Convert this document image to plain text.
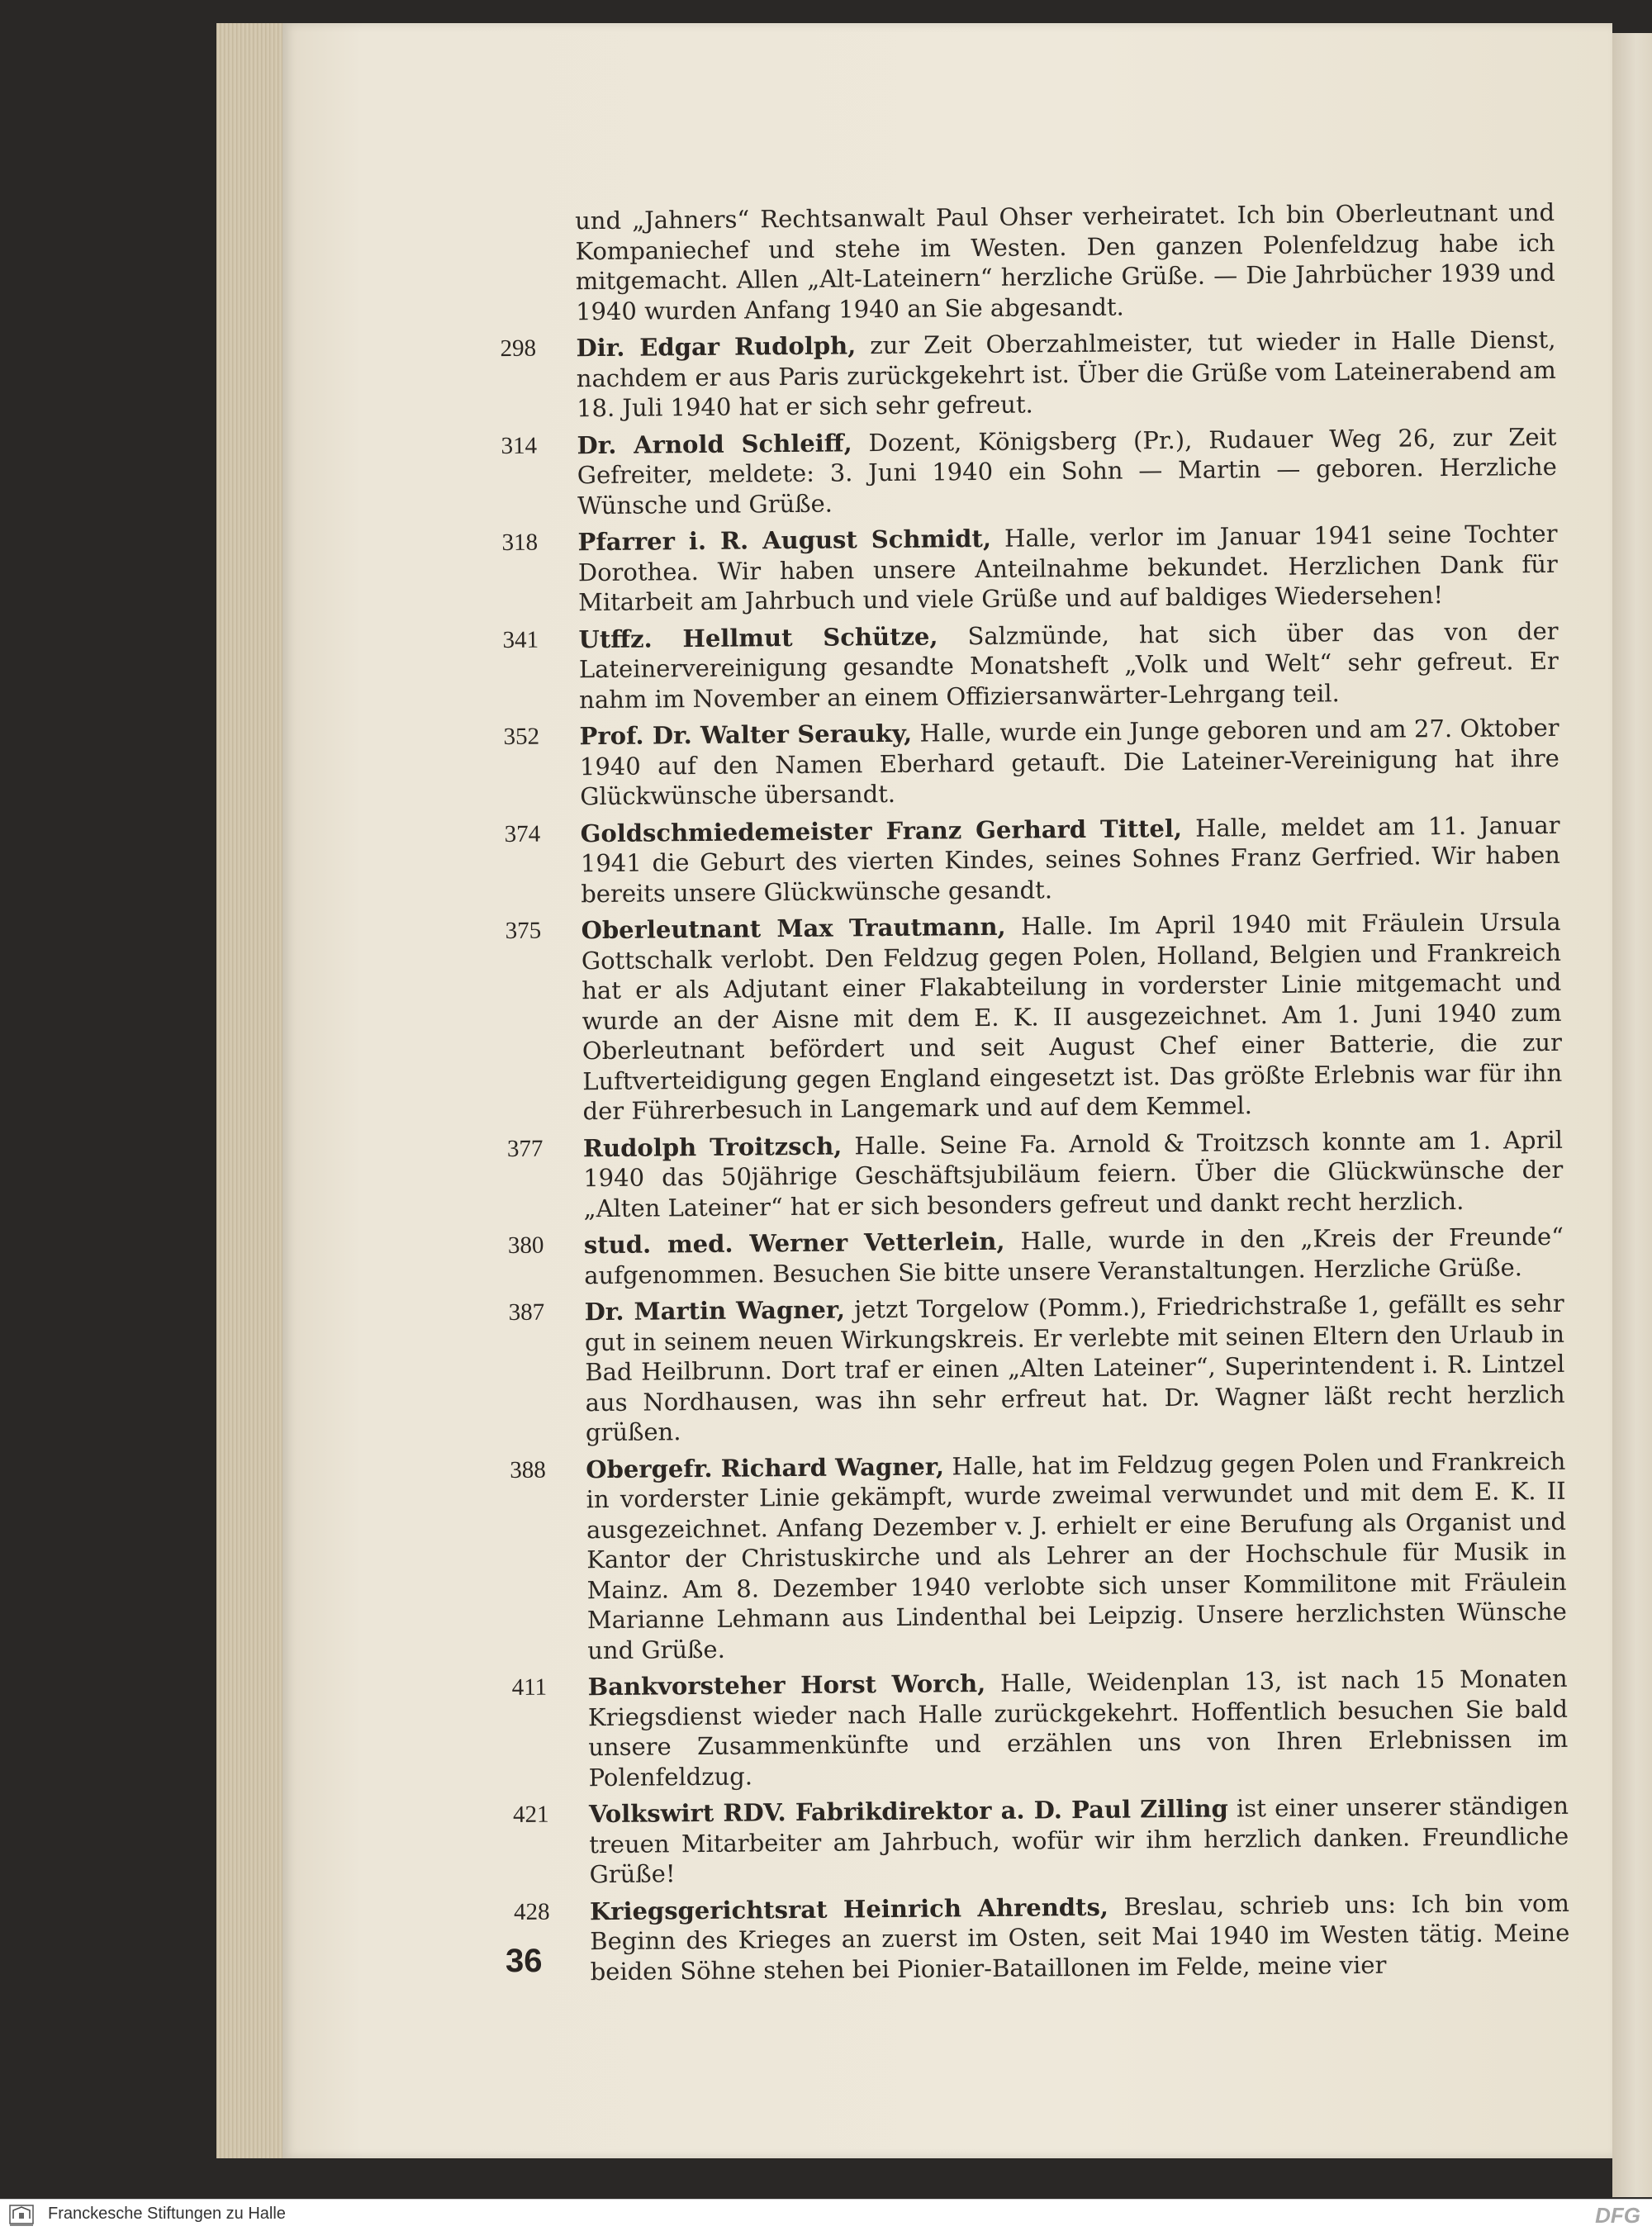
und „Jahners“ Rechtsanwalt Paul Ohser verheiratet. Ich bin Oberleutnant und Kompaniechef und stehe im Westen. Den ganzen Polenfeldzug habe ich mitgemacht. Allen „Alt-Lateinern“ herzliche Grüße. — Die Jahrbücher 1939 und 1940 wurden Anfang 1940 an Sie abgesandt.

298	Dir. Edgar Rudolph, zur Zeit Oberzahlmeister, tut wieder in Halle Dienst, nachdem er aus Paris zurückgekehrt ist. Über die Grüße vom Lateinerabend am 18. Juli 1940 hat er sich sehr gefreut.

314	Dr. Arnold Schleiff, Dozent, Königsberg (Pr.), Rudauer Weg 26, zur Zeit Gefreiter, meldete: 3. Juni 1940 ein Sohn — Martin — geboren. Herzliche Wünsche und Grüße.

318	Pfarrer i. R. August Schmidt, Halle, verlor im Januar 1941 seine Tochter Dorothea. Wir haben unsere Anteilnahme bekundet. Herzlichen Dank für Mitarbeit am Jahrbuch und viele Grüße und auf baldiges Wiedersehen!

341	Utffz. Hellmut Schütze, Salzmünde, hat sich über das von der Lateinervereinigung gesandte Monatsheft „Volk und Welt“ sehr gefreut. Er nahm im November an einem Offiziersanwärter-Lehrgang teil.

352	Prof. Dr. Walter Serauky, Halle, wurde ein Junge geboren und am 27. Oktober 1940 auf den Namen Eberhard getauft. Die Lateiner-Vereinigung hat ihre Glückwünsche übersandt.

374	Goldschmiedemeister Franz Gerhard Tittel, Halle, meldet am 11. Januar 1941 die Geburt des vierten Kindes, seines Sohnes Franz Gerfried. Wir haben bereits unsere Glückwünsche gesandt.

375	Oberleutnant Max Trautmann, Halle. Im April 1940 mit Fräulein Ursula Gottschalk verlobt. Den Feldzug gegen Polen, Holland, Belgien und Frankreich hat er als Adjutant einer Flakabteilung in vorderster Linie mitgemacht und wurde an der Aisne mit dem E. K. II ausgezeichnet. Am 1. Juni 1940 zum Oberleutnant befördert und seit August Chef einer Batterie, die zur Luftverteidigung gegen England eingesetzt ist. Das größte Erlebnis war für ihn der Führerbesuch in Langemark und auf dem Kemmel.

377	Rudolph Troitzsch, Halle. Seine Fa. Arnold & Troitzsch konnte am 1. April 1940 das 50jährige Geschäftsjubiläum feiern. Über die Glückwünsche der „Alten Lateiner“ hat er sich besonders gefreut und dankt recht herzlich.

380	stud. med. Werner Vetterlein, Halle, wurde in den „Kreis der Freunde“ aufgenommen. Besuchen Sie bitte unsere Veranstaltungen. Herzliche Grüße.

387	Dr. Martin Wagner, jetzt Torgelow (Pomm.), Friedrichstraße 1, gefällt es sehr gut in seinem neuen Wirkungskreis. Er verlebte mit seinen Eltern den Urlaub in Bad Heilbrunn. Dort traf er einen „Alten Lateiner“, Superintendent i. R. Lintzel aus Nordhausen, was ihn sehr erfreut hat. Dr. Wagner läßt recht herzlich grüßen.

388	Obergefr. Richard Wagner, Halle, hat im Feldzug gegen Polen und Frankreich in vorderster Linie gekämpft, wurde zweimal verwundet und mit dem E. K. II ausgezeichnet. Anfang Dezember v. J. erhielt er eine Berufung als Organist und Kantor der Christuskirche und als Lehrer an der Hochschule für Musik in Mainz. Am 8. Dezember 1940 verlobte sich unser Kommilitone mit Fräulein Marianne Lehmann aus Lindenthal bei Leipzig. Unsere herzlichsten Wünsche und Grüße.

411	Bankvorsteher Horst Worch, Halle, Weidenplan 13, ist nach 15 Monaten Kriegsdienst wieder nach Halle zurückgekehrt. Hoffentlich besuchen Sie bald unsere Zusammenkünfte und erzählen uns von Ihren Erlebnissen im Polenfeldzug.

421	Volkswirt RDV. Fabrikdirektor a. D. Paul Zilling ist einer unserer ständigen treuen Mitarbeiter am Jahrbuch, wofür wir ihm herzlich danken. Freundliche Grüße!

428	Kriegsgerichtsrat Heinrich Ahrendts, Breslau, schrieb uns: Ich bin vom Beginn des Krieges an zuerst im Osten, seit Mai 1940 im Westen tätig. Meine beiden Söhne stehen bei Pionier-Bataillonen im Felde, meine vier

36
Franckesche Stiftungen zu Halle	DFG
